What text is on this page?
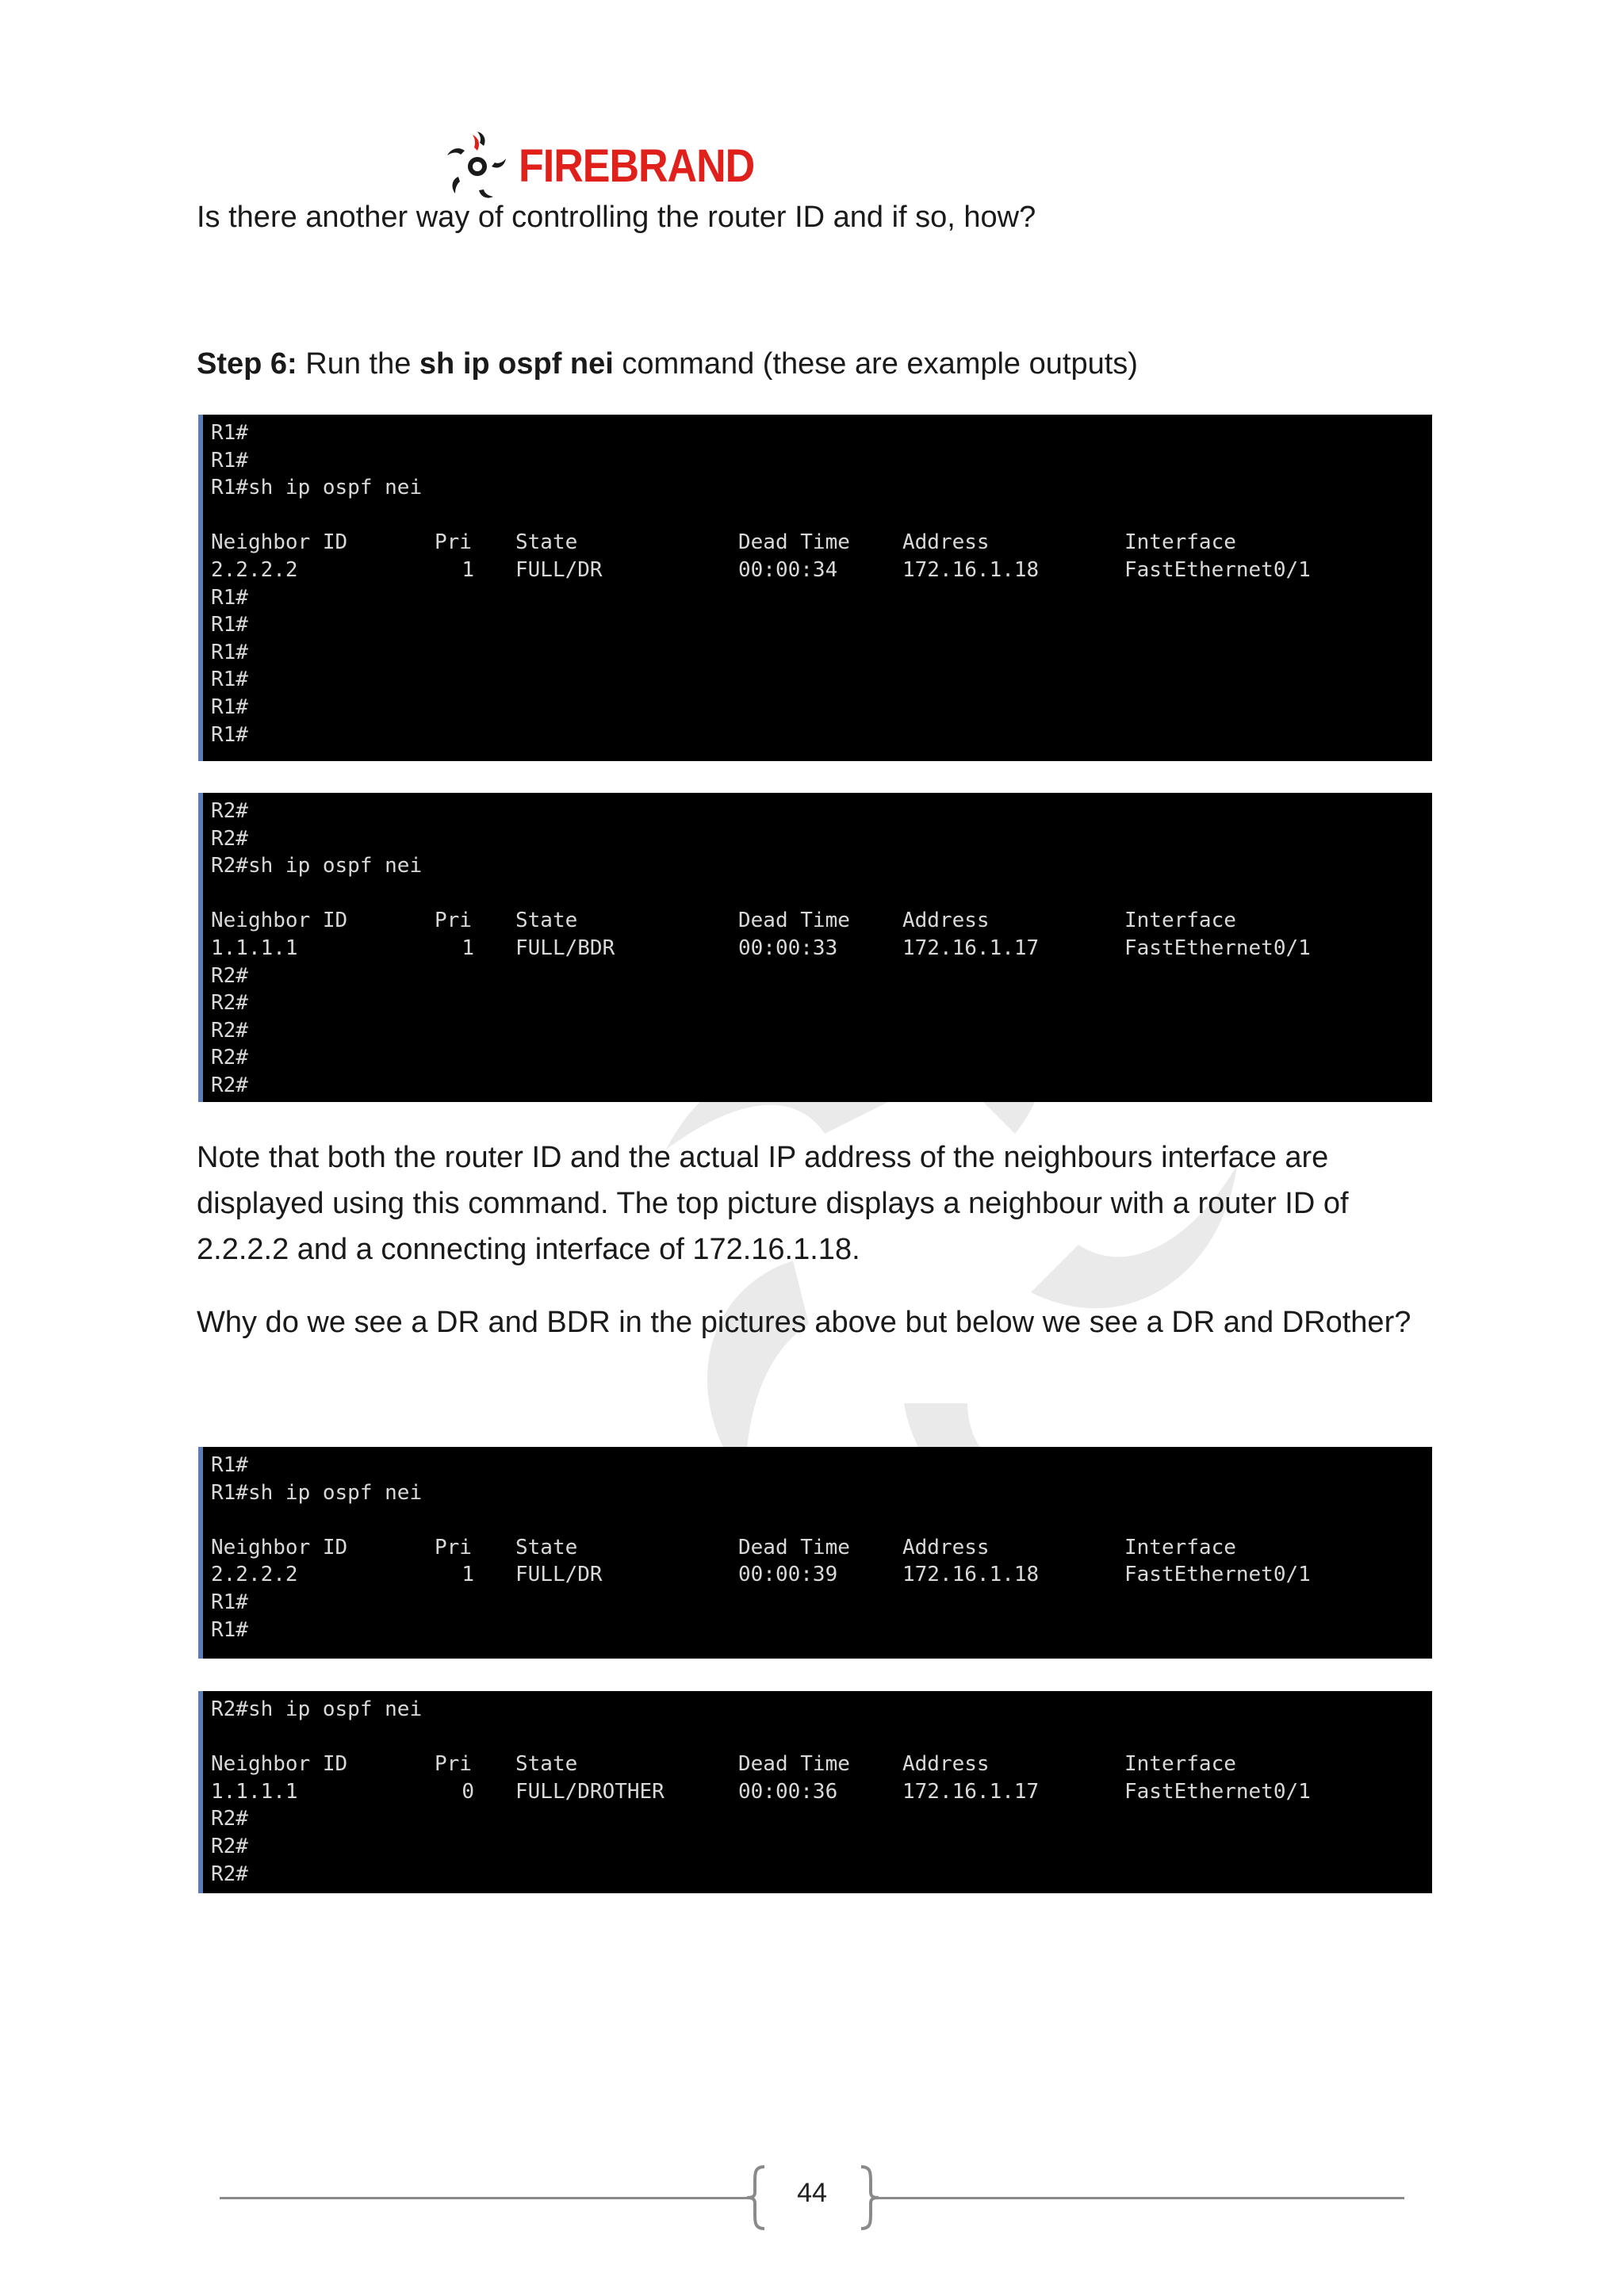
FIREBRAND
Is there another way of controlling the router ID and if so, how?
Step 6: Run the sh ip ospf nei command (these are example outputs)
R1#
R1#
R1#sh ip ospf nei
Neighbor ID	Pri State	Dead Time	Address	Interface
2.2.2.2	1 FULL/DR	00:00:34	172.16.1.18	FastEthernet0/1
R1#
R1#
R1#
R1#
R1#
R1#
R2#
R2#
R2#sh ip ospf nei
Neighbor ID	Pri State	Dead Time	Address	Interface
1.1.1.1	1 FULL/BDR	00:00:33	172.16.1.17	FastEthernet0/1
R2#
R2#
R2#
R2#
R2#
Note that both the router ID and the actual IP address of the neighbours interface are
displayed using this command. The top picture displays a neighbour with a router ID of
2.2.2.2 and a connecting interface of 172.16.1.18.
Why do we see a DR and BDR in the pictures above but below we see a DR and DRother?
R1#
R1#sh ip ospf nei
Neighbor ID	Pri State	Dead Time	Address	Interface
2.2.2.2	1 FULL/DR	00:00:39	172.16.1.18	FastEthernet0/1
R1#
R1#
R2#sh ip ospf nei
Neighbor ID	Pri State	Dead Time	Address	Interface
1.1.1.1	0 FULL/DROTHER	00:00:36	172.16.1.17	FastEthernet0/1
R2#
R2#
R2#
44
